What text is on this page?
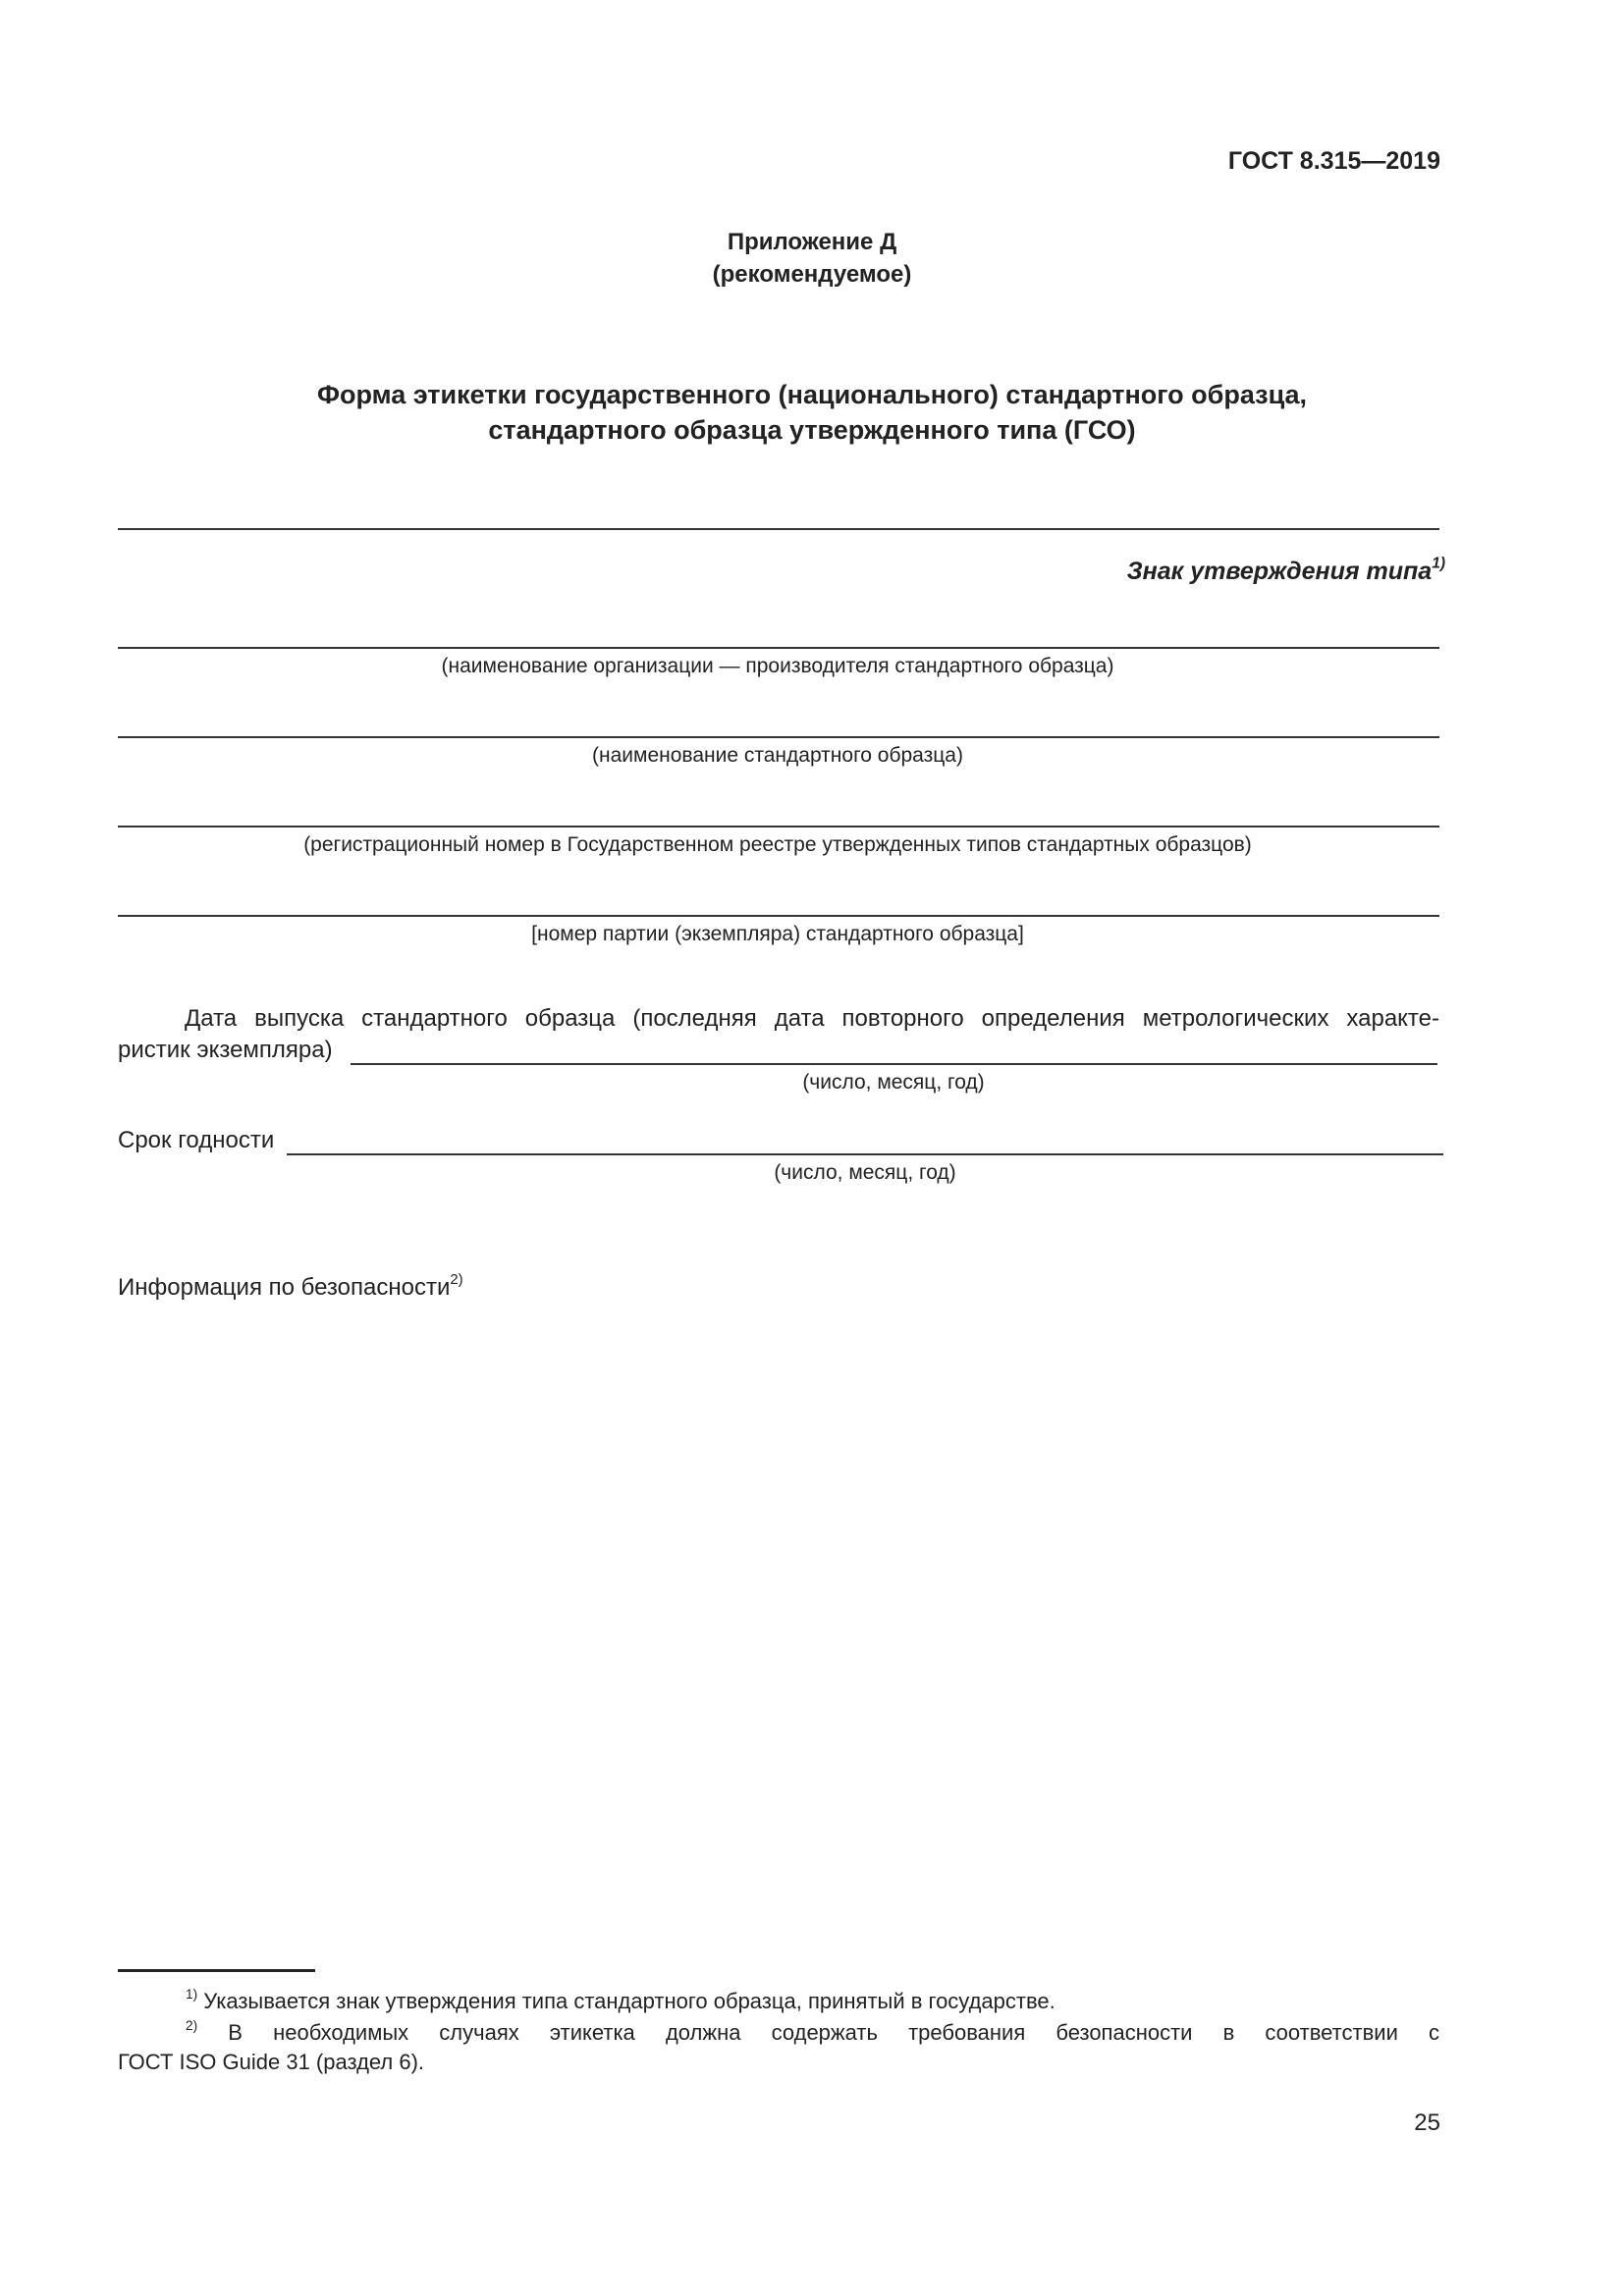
ГОСТ 8.315—2019
Приложение Д
(рекомендуемое)
Форма этикетки государственного (национального) стандартного образца,
стандартного образца утвержденного типа (ГСО)
Знак утверждения типа$^{1)}$
(наименование организации — производителя стандартного образца)
(наименование стандартного образца)
(регистрационный номер в Государственном реестре утвержденных типов стандартных образцов)
[номер партии (экземпляра) стандартного образца]
Дата выпуска стандартного образца (последняя дата повторного определения метрологических характе-
ристик экземпляра)
(число, месяц, год)
Срок годности
(число, месяц, год)
Информация по безопасности$^{2)}$
$^{1)}$ Указывается знак утверждения типа стандартного образца, принятый в государстве.
$^{2)}$ В необходимых случаях этикетка должна содержать требования безопасности в соответствии с
ГОСТ ISO Guide 31 (раздел 6).
25
